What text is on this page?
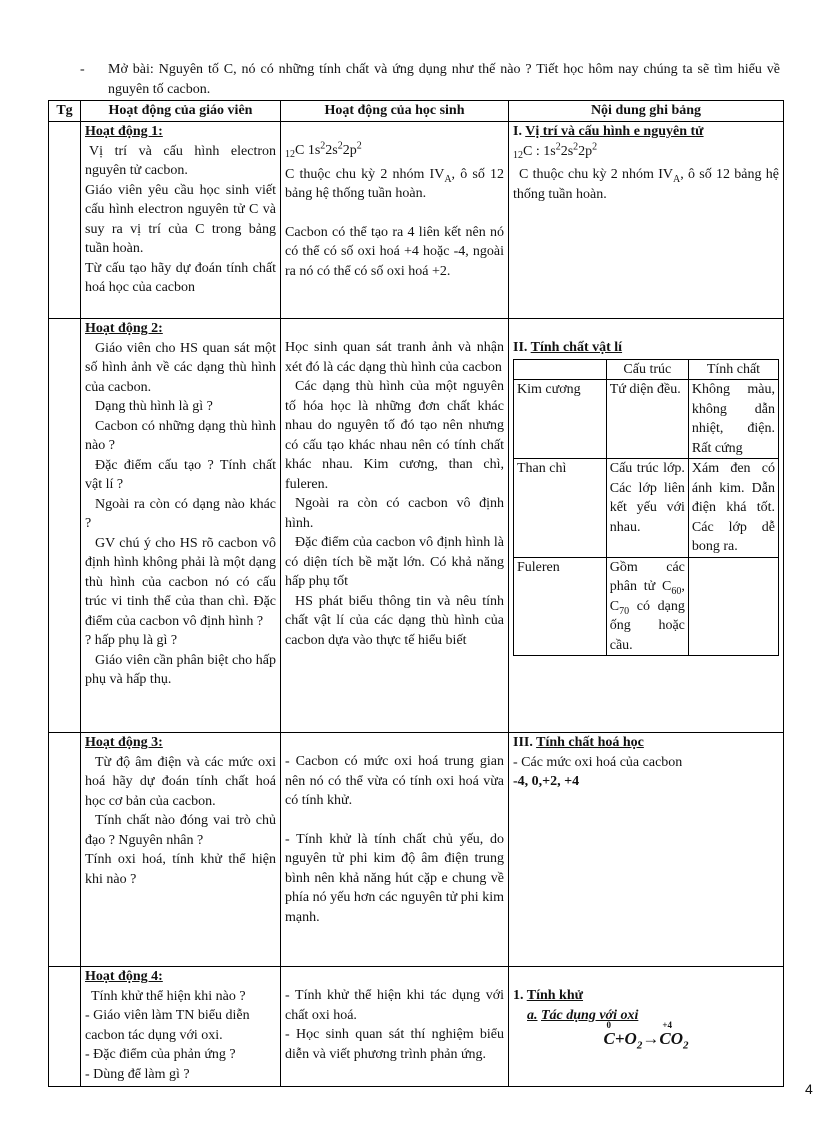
-	Mở bài: Nguyên tố C, nó có những tính chất và ứng dụng như thế nào ? Tiết học hôm nay chúng ta sẽ tìm hiểu về nguyên tố cacbon.
Tg	Hoạt động của giáo viên	Hoạt động của học sinh	Nội dung ghi bảng

Hoạt động 1:
Vị trí và cấu hình electron nguyên tử cacbon.
Giáo viên yêu cầu học sinh viết cấu hình electron nguyên tử C và suy ra vị trí của C trong bảng tuần hoàn.
Từ cấu tạo hãy dự đoán tính chất hoá học của cacbon

$_{12}$C $1s^22s^22p^2$
C thuộc chu kỳ 2 nhóm $IV_A$, ô số 12 bảng hệ thống tuần hoàn.
Cacbon có thể tạo ra 4 liên kết nên nó có thể có số oxi hoá +4 hoặc -4, ngoài ra nó có thể có số oxi hoá +2.

I. Vị trí và cấu hình e nguyên tử
$_{12}$C : $1s^22s^22p^2$
C thuộc chu kỳ 2 nhóm $IV_A$, ô số 12 bảng hệ thống tuần hoàn.

Hoạt động 2:
Giáo viên cho HS quan sát một số hình ảnh về các dạng thù hình của cacbon.
Dạng thù hình là gì ?
Cacbon có những dạng thù hình nào ?
Đặc điểm cấu tạo ? Tính chất vật lí ?
Ngoài ra còn có dạng nào khác ?
GV chú ý cho HS rõ cacbon vô định hình không phải là một dạng thù hình của cacbon nó có cấu trúc vi tinh thể của than chì. Đặc điểm của cacbon vô định hình ?
? hấp phụ là gì ?
Giáo viên cần phân biệt cho hấp phụ và hấp thụ.

Học sinh quan sát tranh ảnh và nhận xét đó là các dạng thù hình của cacbon
Các dạng thù hình của một nguyên tố hóa học là những đơn chất khác nhau do nguyên tố đó tạo nên nhưng có cấu tạo khác nhau nên có tính chất khác nhau. Kim cương, than chì, fuleren.
Ngoài ra còn có cacbon vô định hình.
Đặc điểm của cacbon vô định hình là có diện tích bề mặt lớn. Có khả năng hấp phụ tốt
HS phát biểu thông tin và nêu tính chất vật lí của các dạng thù hình của cacbon dựa vào thực tế hiểu biết

II. Tính chất vật lí
	Cấu trúc	Tính chất
Kim cương	Tứ diện đều.	Không màu, không dẫn nhiệt, điện. Rất cứng
Than chì	Cấu trúc lớp. Các lớp liên kết yếu với nhau.	Xám đen có ánh kim. Dẫn điện khá tốt. Các lớp dễ bong ra.
Fuleren	Gồm các phân tử $C_{60}$, $C_{70}$ có dạng ống hoặc cầu.	

Hoạt động 3:
Từ độ âm điện và các mức oxi hoá hãy dự đoán tính chất hoá học cơ bản của cacbon.
Tính chất nào đóng vai trò chủ đạo ? Nguyên nhân ?
Tính oxi hoá, tính khử thể hiện khi nào ?

- Cacbon có mức oxi hoá trung gian nên nó có thể vừa có tính oxi hoá vừa có tính khử.
- Tính khử là tính chất chủ yếu, do nguyên tử phi kim độ âm điện trung bình nên khả năng hút cặp e chung về phía nó yếu hơn các nguyên tử phi kim mạnh.

III. Tính chất hoá học
- Các mức oxi hoá của cacbon
-4, 0,+2, +4

Hoạt động 4:
Tính khử thể hiện khi nào ?
- Giáo viên làm TN biểu diễn cacbon tác dụng với oxi.
- Đặc điểm của phản ứng ?
- Dùng để làm gì ?

- Tính khử thể hiện khi tác dụng với chất oxi hoá.
- Học sinh quan sát thí nghiệm biểu diễn và viết phương trình phản ứng.

1. Tính khử
a. Tác dụng với oxi
0
$C+O_2\to$
+4
$CO_2$
4
